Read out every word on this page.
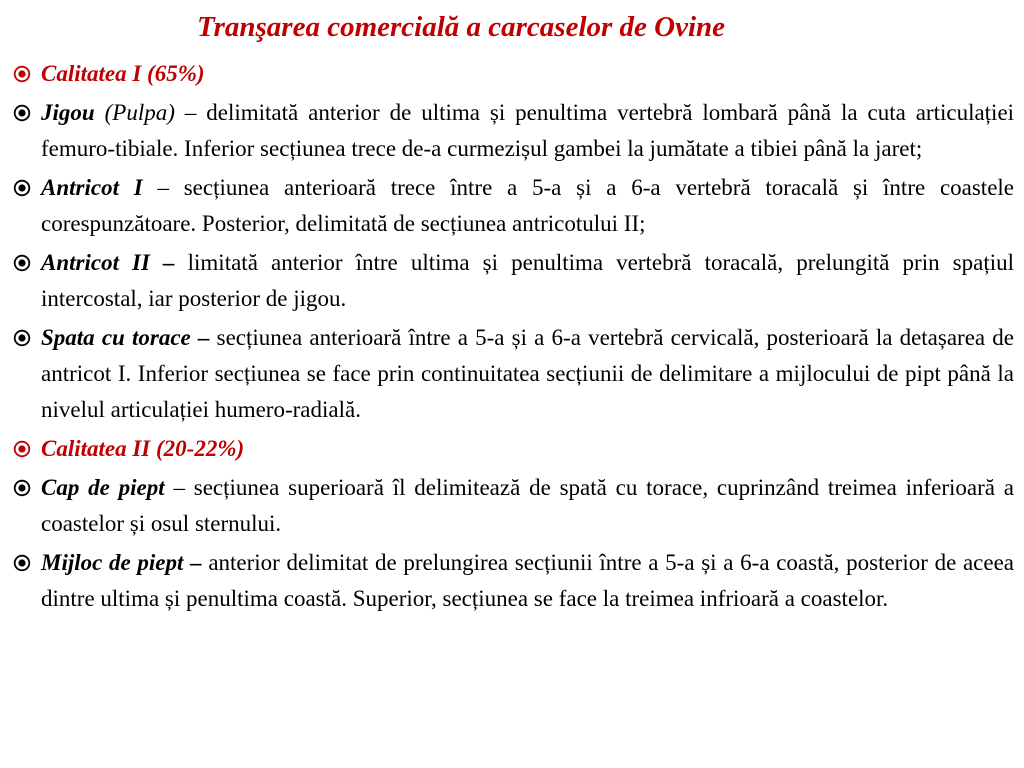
Tranşarea comercială a carcaselor de Ovine
Calitatea I (65%)
Jigou (Pulpa) – delimitată anterior de ultima și penultima vertebră lombară până la cuta articulației femuro-tibiale. Inferior secțiunea trece de-a curmezișul gambei la jumătate a tibiei până la jaret;
Antricot I – secțiunea anterioară trece între a 5-a și a 6-a vertebră toracală și între coastele corespunzătoare. Posterior, delimitată de secțiunea antricotului II;
Antricot II – limitată anterior între ultima și penultima vertebră toracală, prelungită prin spațiul intercostal, iar posterior de jigou.
Spata cu torace – secțiunea anterioară între a 5-a și a 6-a vertebră cervicală, posterioară la detașarea de antricot I. Inferior secțiunea se face prin continuitatea secțiunii de delimitare a mijlocului de pipt până la nivelul articulației humero-radială.
Calitatea II (20-22%)
Cap de piept – secțiunea superioară îl delimitează de spată cu torace, cuprinzând treimea inferioară a coastelor și osul sternului.
Mijloc de piept – anterior delimitat de prelungirea secțiunii între a 5-a și a 6-a coastă, posterior de aceea dintre ultima și penultima coastă. Superior, secțiunea se face la treimea infrioară a coastelor.
